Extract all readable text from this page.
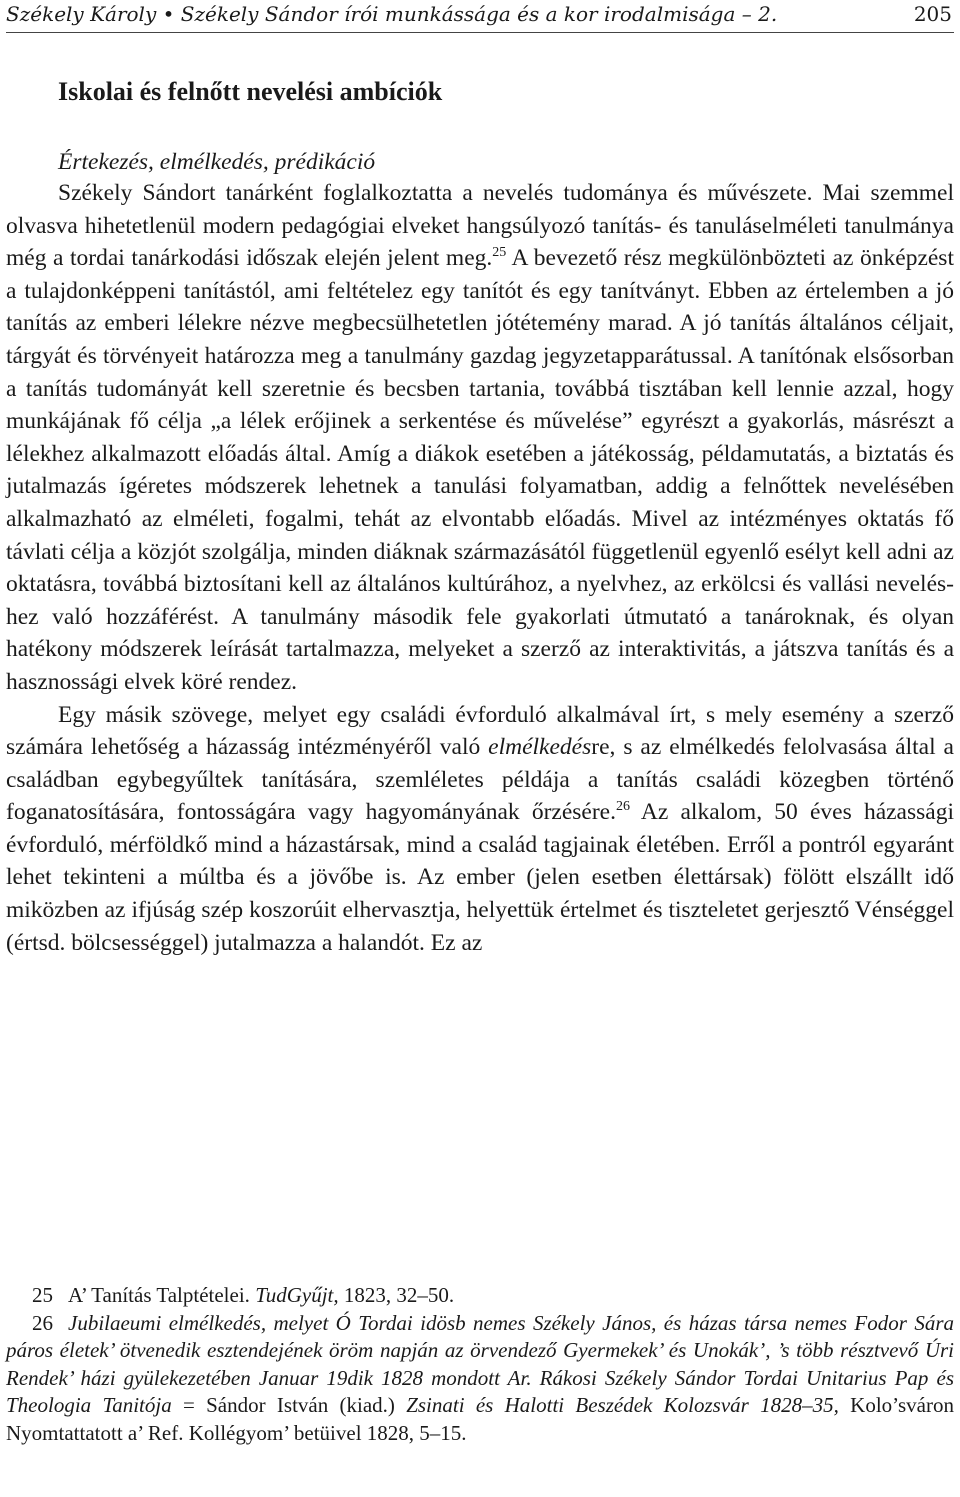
Székely Károly • Székely Sándor írói munkássága és a kor irodalmisága – 2.	205
Iskolai és felnőtt nevelési ambíciók

Értekezés, elmélkedés, prédikáció

Székely Sándort tanárként foglalkoztatta a nevelés tudománya és művészete. Mai szemmel olvasva hihetetlenül modern pedagógiai elveket hangsúlyozó tanítás- és tanuláselméleti tanulmánya még a tordai tanárkodási időszak elején jelent meg.$^{25}$ A bevezető rész megkülönbözteti az önképzést a tulajdonképpeni tanítástól, ami feltételez egy tanítót és egy tanítványt. Ebben az értelemben a jó tanítás az emberi lélekre nézve megbecsülhetetlen jótétemény marad. A jó tanítás általános céljait, tárgyát és törvényeit határozza meg a tanulmány gazdag jegyzetapparátussal. A tanítónak elsősorban a tanítás tudományát kell szeretnie és becsben tartania, továbbá tisztában kell lennie azzal, hogy munkájának fő célja „a lélek erőjinek a serkentése és művelése” egyrészt a gyakorlás, másrészt a lélekhez alkalmazott előadás által. Amíg a diákok esetében a játékosság, példamutatás, a biztatás és jutalmazás ígéretes módszerek lehetnek a tanulási folyamatban, addig a felnőttek nevelésében alkalmazható az elméleti, fogalmi, tehát az elvontabb előadás. Mivel az intézményes oktatás fő távlati célja a közjót szolgálja, minden diáknak származásától függetlenül egyenlő esélyt kell adni az oktatásra, továbbá biztosítani kell az általános kultúrához, a nyelvhez, az erkölcsi és vallási neveléshez való hozzáférést. A tanulmány második fele gyakorlati útmutató a tanároknak, és olyan hatékony módszerek leírását tartalmazza, melyeket a szerző az interaktivitás, a játszva tanítás és a hasznossági elvek köré rendez.

Egy másik szövege, melyet egy családi évforduló alkalmával írt, s mely esemény a szerző számára lehetőség a házasság intézményéről való elmélkedésre, s az elmélkedés felolvasása által a családban egybegyűltek tanítására, szemléletes példája a tanítás családi közegben történő foganatosítására, fontosságára vagy hagyományának őrzésére.$^{26}$ Az alkalom, 50 éves házassági évforduló, mérföldkő mind a házastársak, mind a család tagjainak életében. Erről a pontról egyaránt lehet tekinteni a múltba és a jövőbe is. Az ember (jelen esetben élettársak) fölött elszállt idő miközben az ifjúság szép koszorúit elhervasztja, helyettük értelmet és tiszteletet gerjesztő Vénséggel (értsd. bölcsességgel) jutalmazza a halandót. Ez az

25 A’ Tanítás Talptételei. TudGyűjt, 1823, 32–50.

26 Jubilaeumi elmélkedés, melyet Ó Tordai idösb nemes Székely János, és házas társa nemes Fodor Sára páros életek’ ötvenedik esztendejének öröm napján az örvendező Gyermekek’ és Unokák’, ’s több résztvevő Úri Rendek’ házi gyülekezetében Januar 19dik 1828 mondott Ar. Rákosi Székely Sándor Tordai Unitarius Pap és Theologia Tanitója = Sándor István (kiad.) Zsinati és Halotti Beszédek Kolozsvár 1828–35, Kolo’sváron Nyomtattatott a’ Ref. Kollégyom’ betüivel 1828, 5–15.
